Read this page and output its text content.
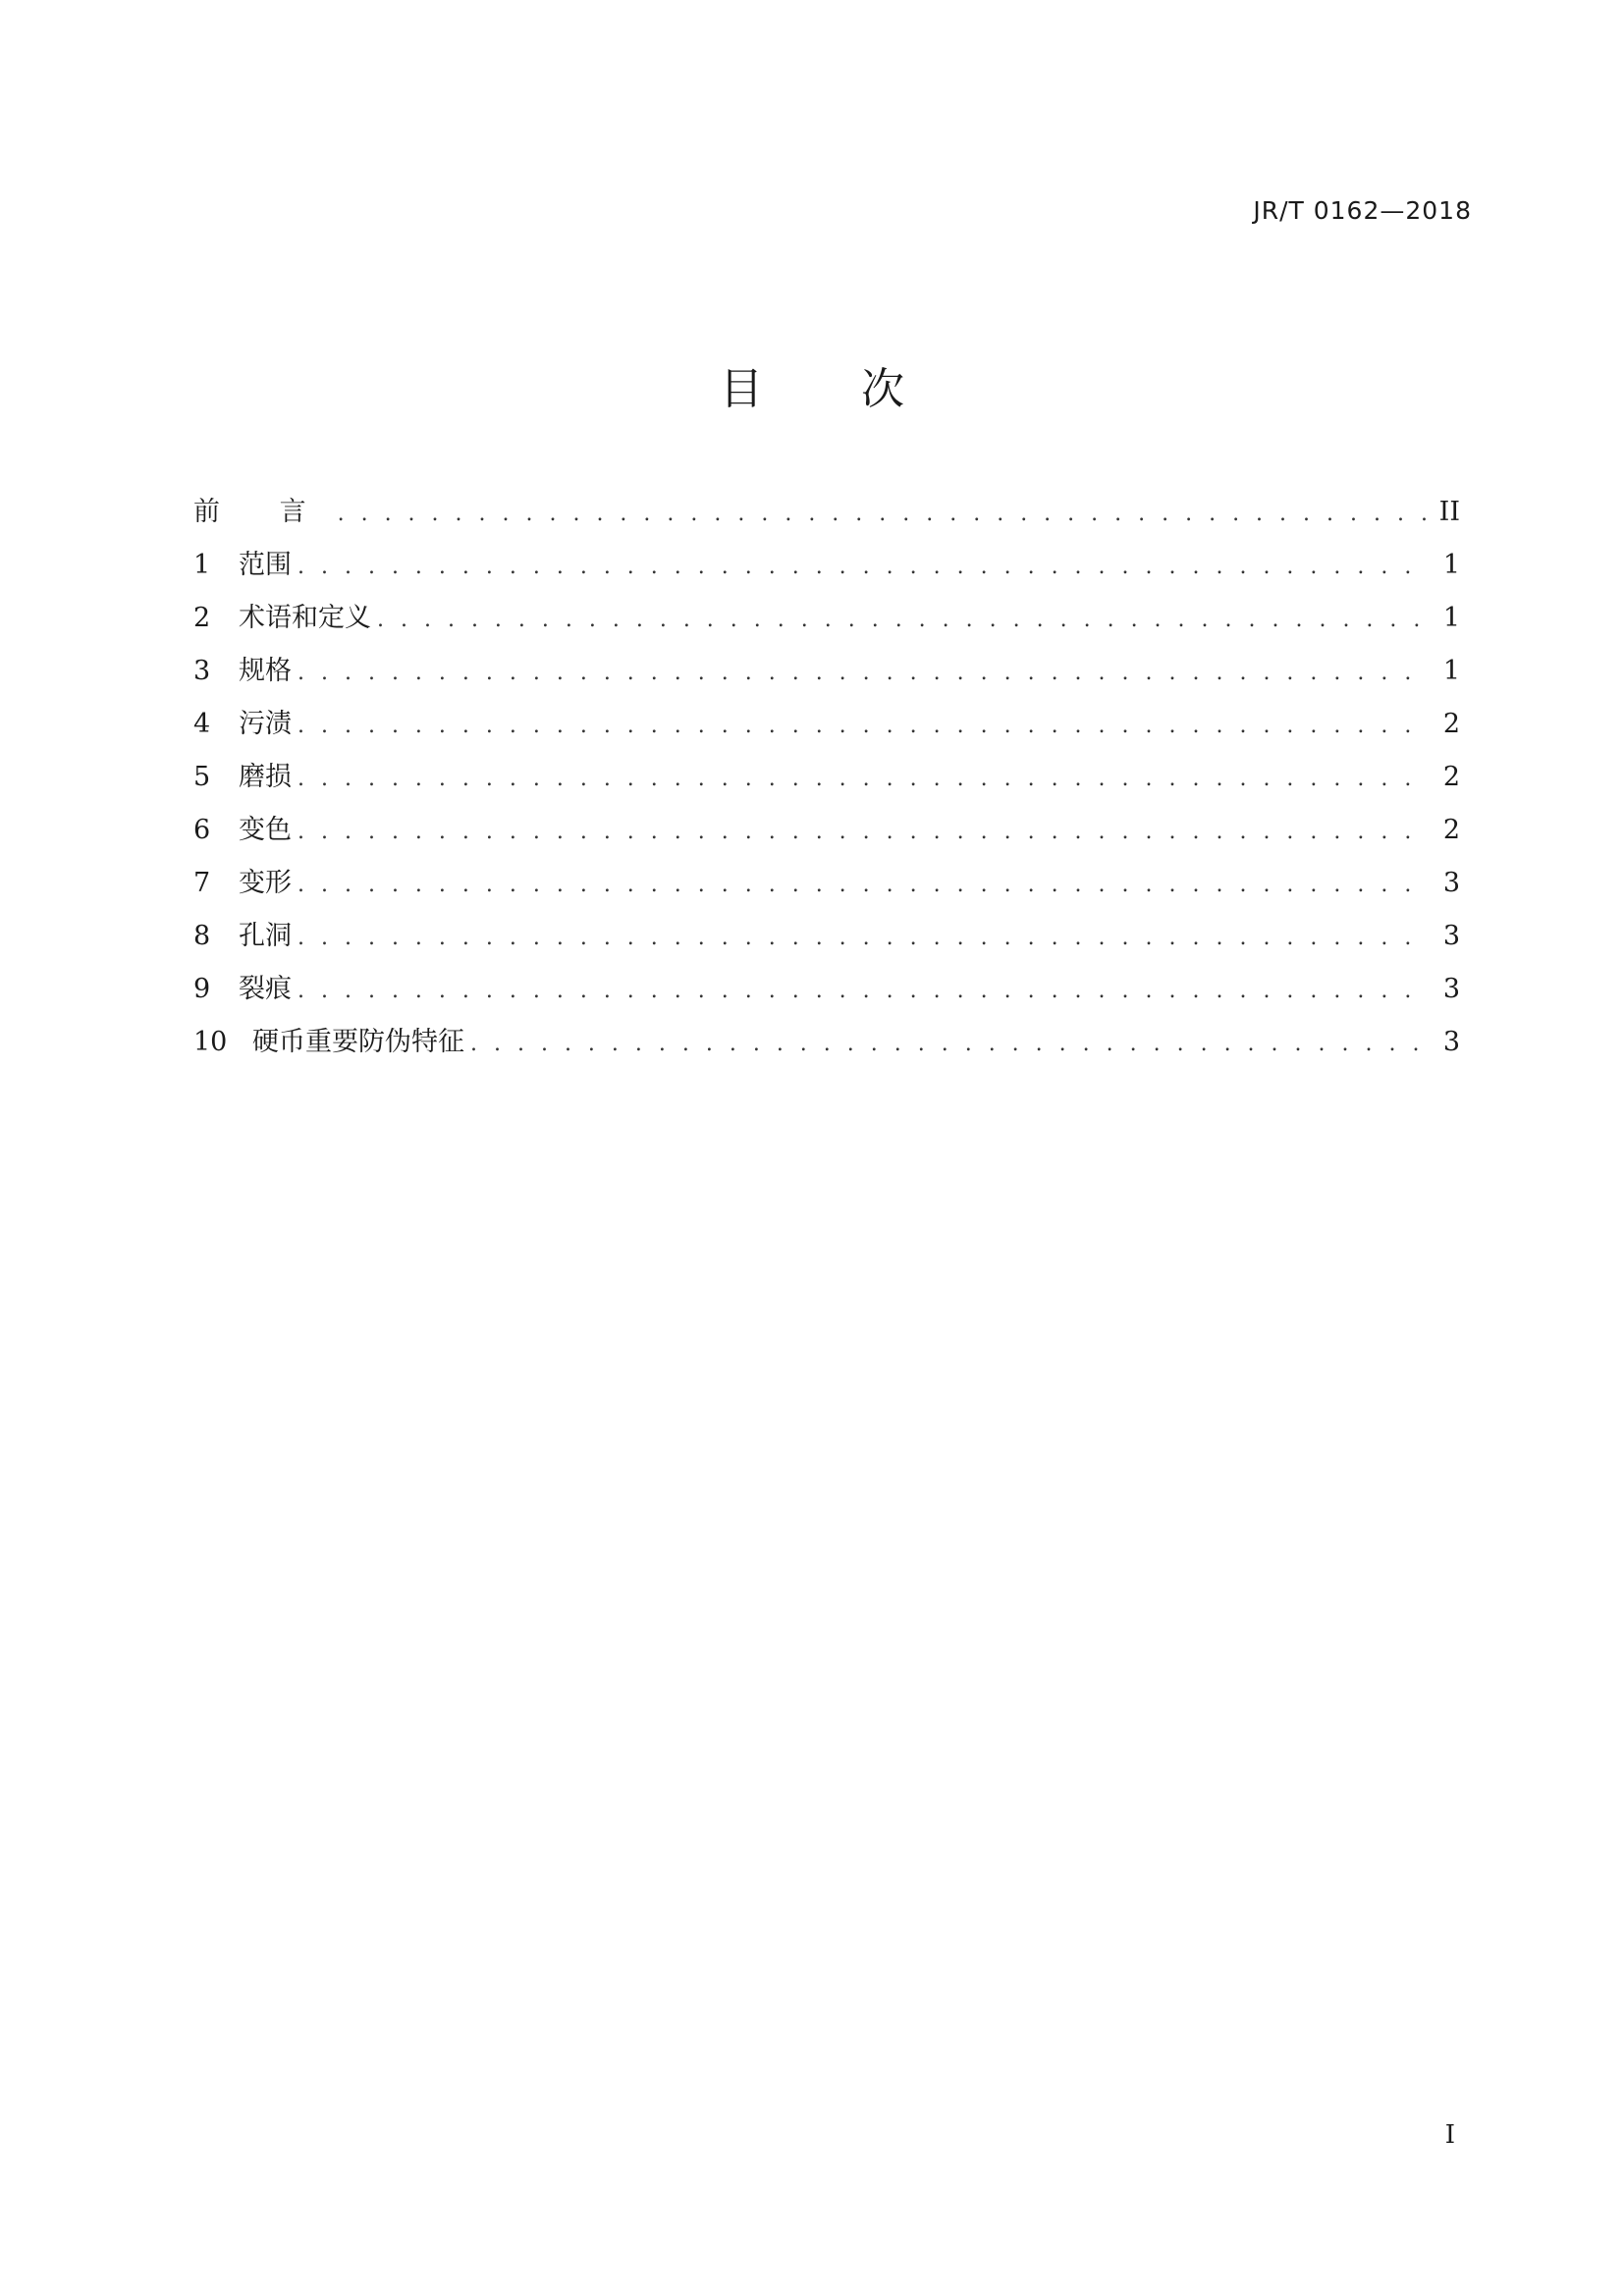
JR/T 0162—2018
目 次
前 言 . . .	II
1	范围 . . .	1
2	术语和定义 . . .	1
3	规格 . . .	1
4	污渍 . . .	2
5	磨损 . . .	2
6	变色 . . .	2
7	变形 . . .	3
8	孔洞 . . .	3
9	裂痕 . . .	3
10 硬币重要防伪特征 . . .	3
I
